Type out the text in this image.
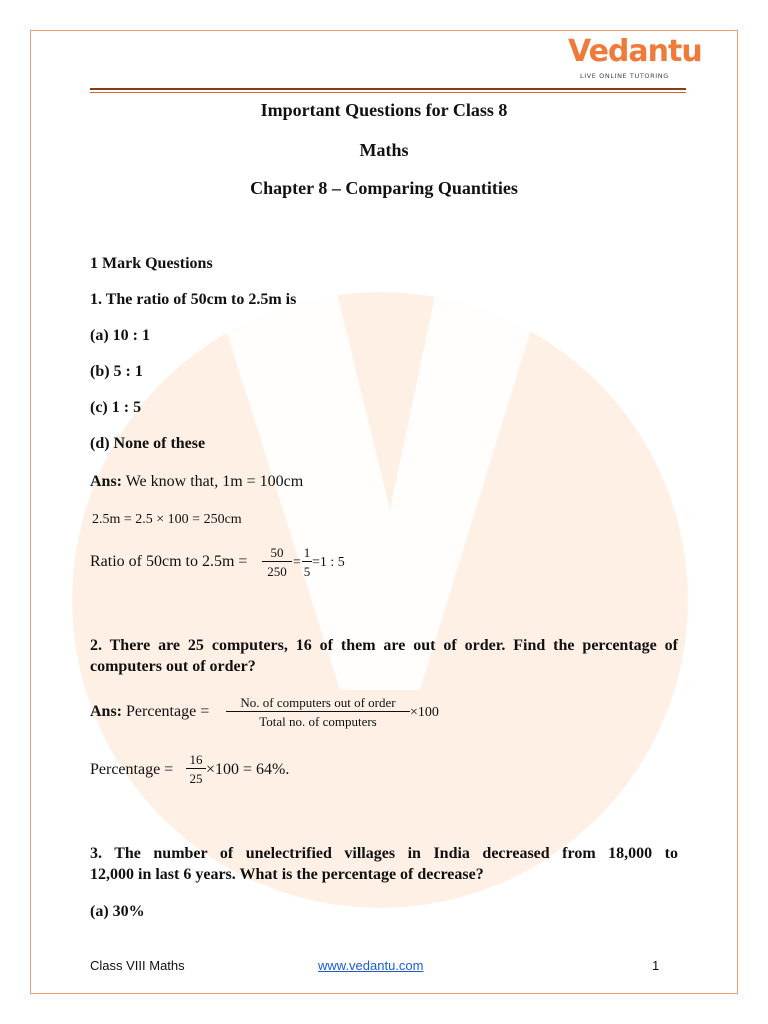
Vedantu
LIVE ONLINE TUTORING
Important Questions for Class 8
Maths
Chapter 8 – Comparing Quantities
1 Mark Questions
1. The ratio of 50cm to 2.5m is
(a) 10 : 1
(b) 5 : 1
(c) 1 : 5
(d) None of these
Ans: We know that, 1m = 100cm
2.5m = 2.5 × 100 = 250cm
Ratio of 50cm to $2.5m = \frac{50}{250} = \frac{1}{5} =1$ : 5
2. There are 25 computers, 16 of them are out of order. Find the percentage of
computers out of order?
Ans: Percentage =
No. of computers out of order
Total no. of computers
×100
Percentage = $\frac{16}{25} \times 100 = 64\%$.
3. The number of unelectrified villages in India decreased from 18,000 to
12,000 in last 6 years. What is the percentage of decrease?
(a) 30%
Class VIII Maths	www.vedantu.com	1
